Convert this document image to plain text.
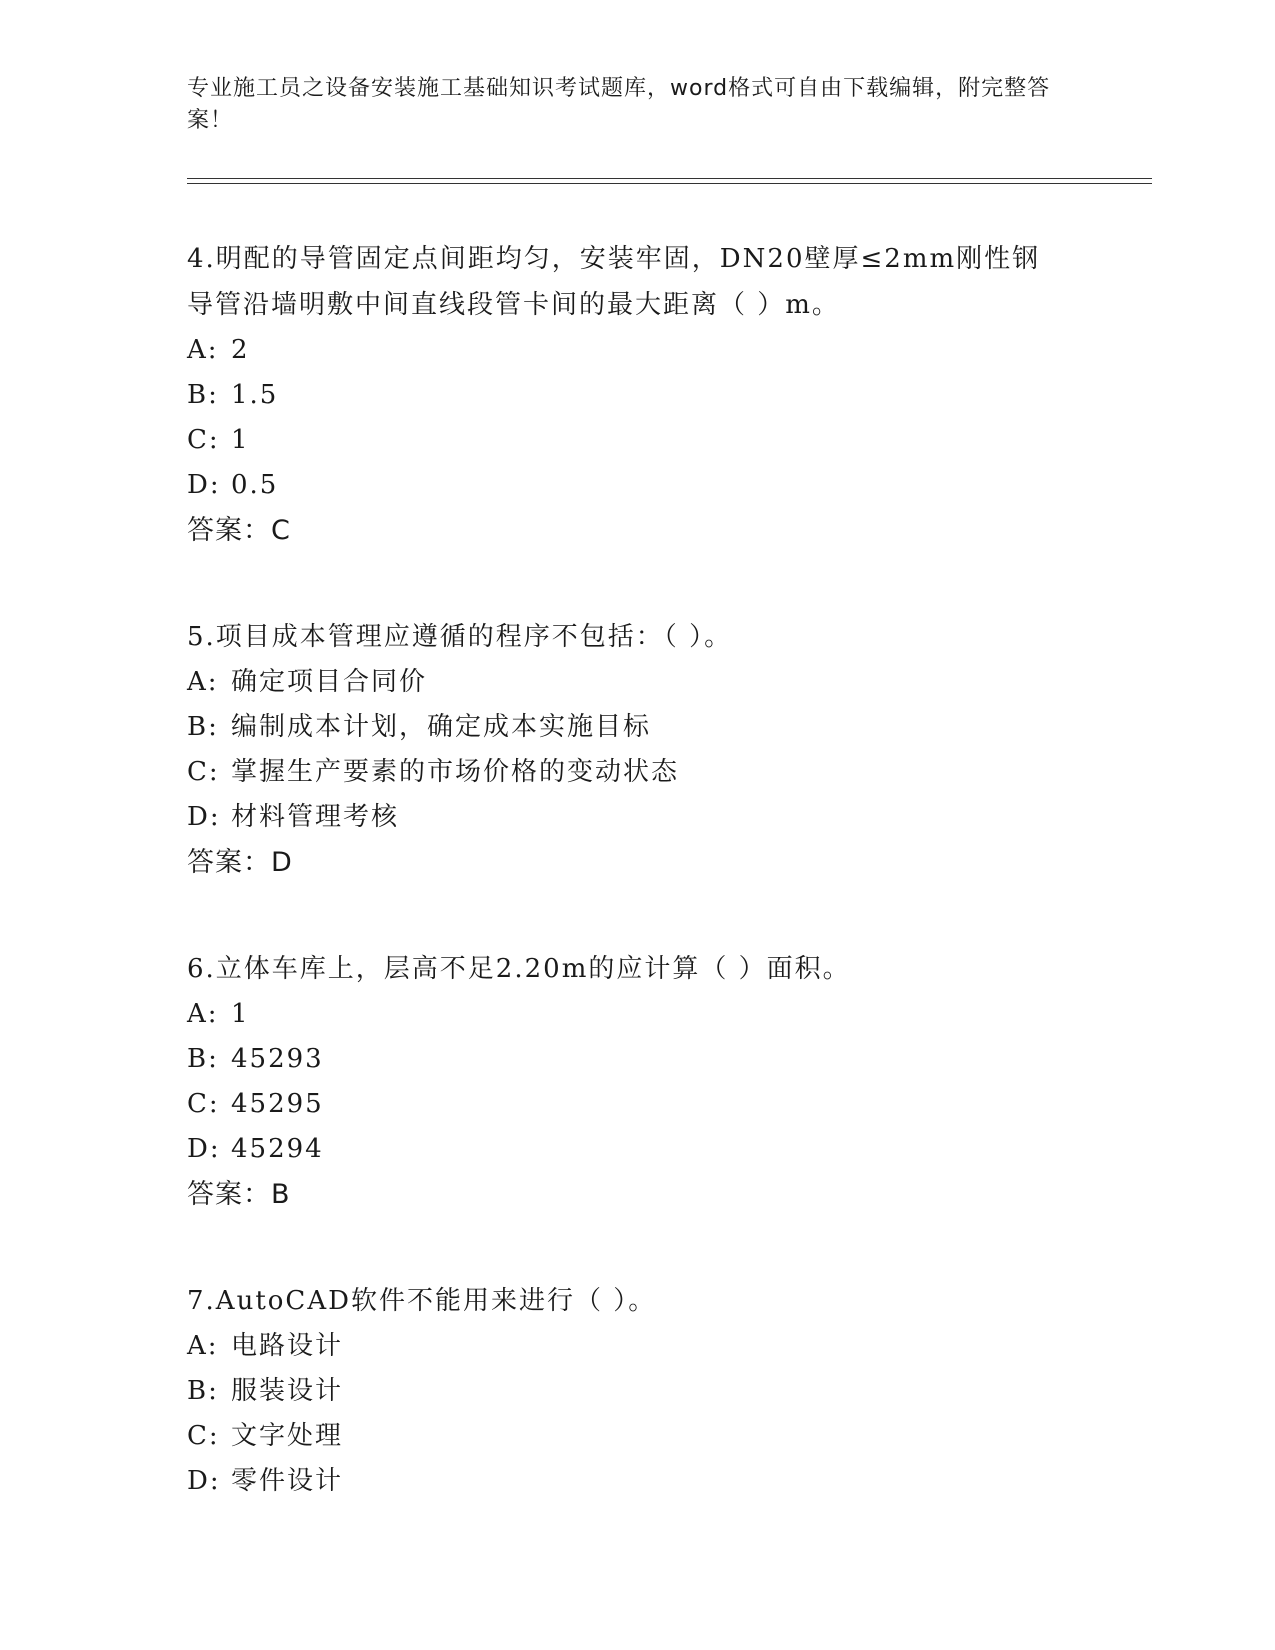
专业施工员之设备安装施工基础知识考试题库，word格式可自由下载编辑，附完整答案！

4.明配的导管固定点间距均匀，安装牢固，DN20壁厚≤2mm刚性钢导管沿墙明敷中间直线段管卡间的最大距离（ ）m。

A: 2

B: 1.5

C: 1

D: 0.5

答案：C

5.项目成本管理应遵循的程序不包括：（ ）。

A: 确定项目合同价

B: 编制成本计划，确定成本实施目标

C: 掌握生产要素的市场价格的变动状态

D: 材料管理考核

答案：D

6.立体车库上，层高不足2.20m的应计算（ ）面积。

A: 1

B: 45293

C: 45295

D: 45294

答案：B

7.AutoCAD软件不能用来进行（ ）。

A: 电路设计

B: 服装设计

C: 文字处理

D: 零件设计
